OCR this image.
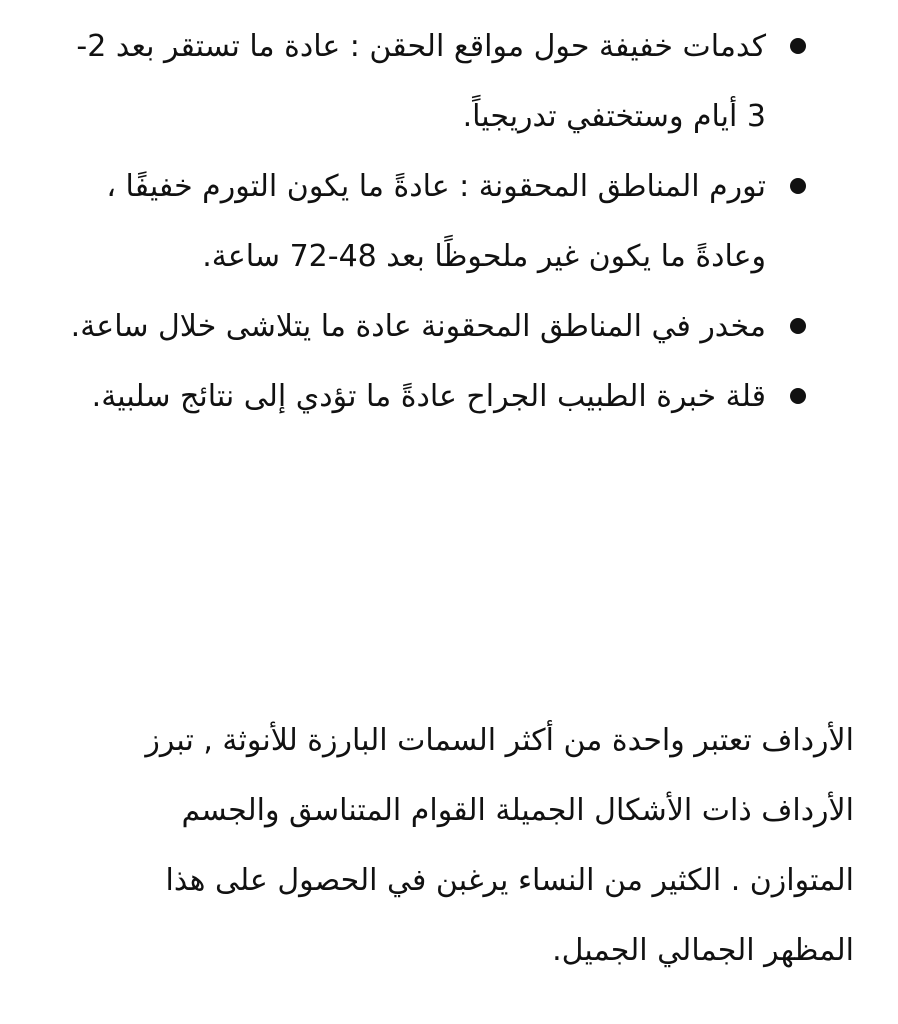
كدمات خفيفة حول مواقع الحقن : عادة ما تستقر بعد 2-3 أيام وستختفي تدريجياً.
تورم المناطق المحقونة : عادةً ما يكون التورم خفيفًا ، وعادةً ما يكون غير ملحوظًا بعد 48-72 ساعة.
مخدر في المناطق المحقونة عادة ما يتلاشى خلال ساعة.
قلة خبرة الطبيب الجراح عادةً ما تؤدي إلى نتائج سلبية.

الأرداف تعتبر واحدة من أكثر السمات البارزة للأنوثة , تبرز الأرداف ذات الأشكال الجميلة القوام المتناسق والجسم المتوازن . الكثير من النساء يرغبن في الحصول على هذا المظهر الجمالي الجميل.
